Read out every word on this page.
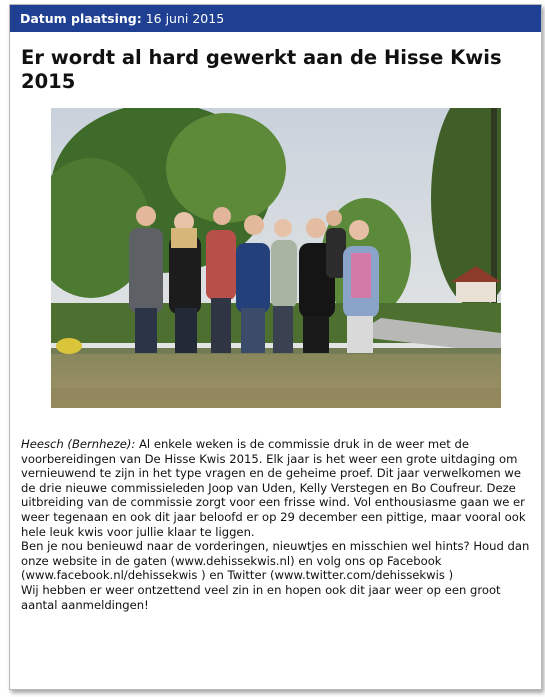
Datum plaatsing: 16 juni 2015
Er wordt al hard gewerkt aan de Hisse Kwis 2015

Heesch (Bernheze): Al enkele weken is de commissie druk in de weer met de voorbereidingen van De Hisse Kwis 2015. Elk jaar is het weer een grote uitdaging om vernieuwend te zijn in het type vragen en de geheime proef. Dit jaar verwelkomen we de drie nieuwe commissieleden Joop van Uden, Kelly Verstegen en Bo Coufreur. Deze uitbreiding van de commissie zorgt voor een frisse wind. Vol enthousiasme gaan we er weer tegenaan en ook dit jaar beloofd er op 29 december een pittige, maar vooral ook hele leuk kwis voor jullie klaar te liggen.

Ben je nou benieuwd naar de vorderingen, nieuwtjes en misschien wel hints? Houd dan onze website in de gaten (www.dehissekwis.nl) en volg ons op Facebook (www.facebook.nl/dehissekwis ) en Twitter (www.twitter.com/dehissekwis )

Wij hebben er weer ontzettend veel zin in en hopen ook dit jaar weer op een groot aantal aanmeldingen!
